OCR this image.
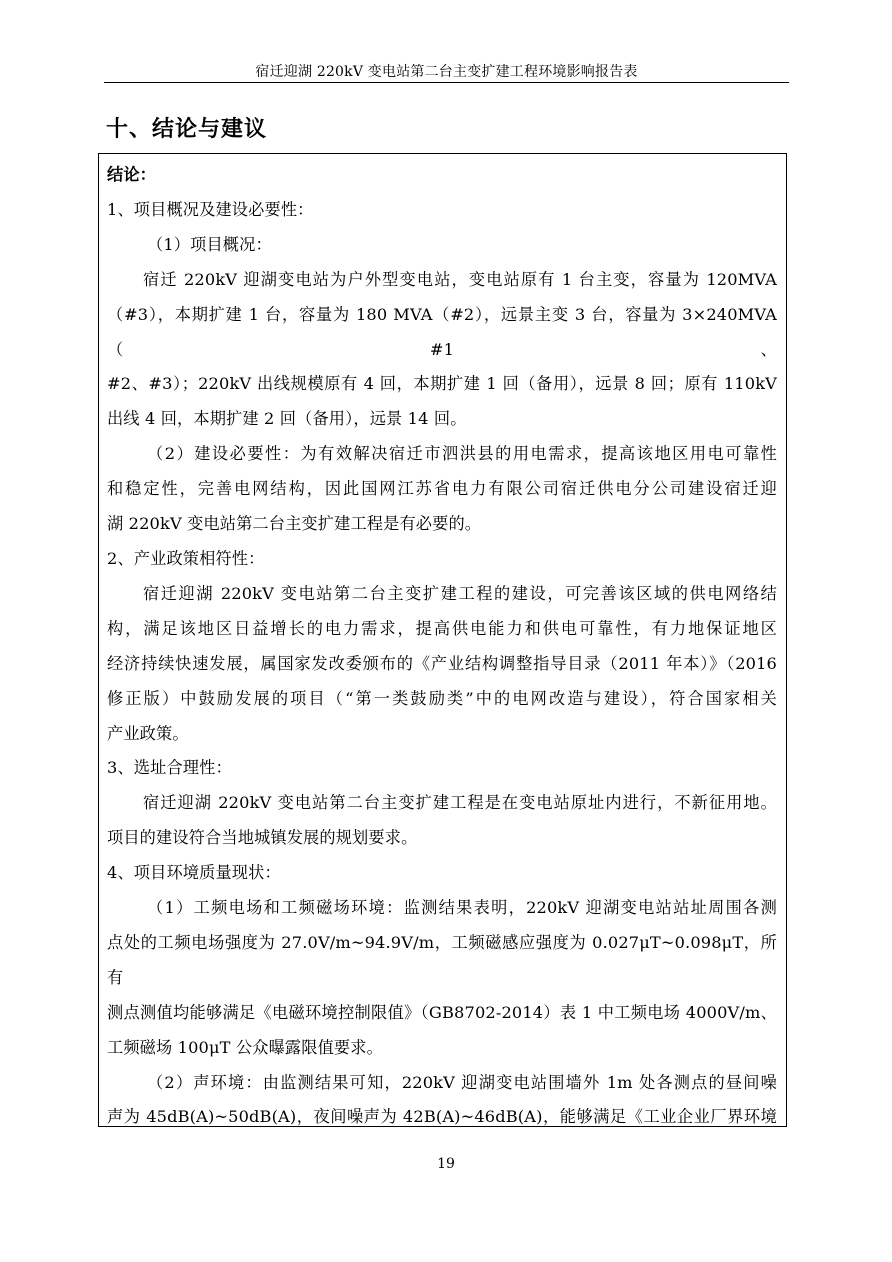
宿迁迎湖 220kV 变电站第二台主变扩建工程环境影响报告表
十、结论与建议
结论：
1、项目概况及建设必要性：
（1）项目概况：
宿迁 220kV 迎湖变电站为户外型变电站，变电站原有 1 台主变，容量为 120MVA
（#3），本期扩建 1 台，容量为 180 MVA（#2），远景主变 3 台，容量为 3×240MVA（#1、
#2、#3）；220kV 出线规模原有 4 回，本期扩建 1 回（备用），远景 8 回；原有 110kV
出线 4 回，本期扩建 2 回（备用），远景 14 回。
（2）建设必要性：为有效解决宿迁市泗洪县的用电需求，提高该地区用电可靠性
和稳定性，完善电网结构，因此国网江苏省电力有限公司宿迁供电分公司建设宿迁迎
湖 220kV 变电站第二台主变扩建工程是有必要的。
2、产业政策相符性：
宿迁迎湖 220kV 变电站第二台主变扩建工程的建设，可完善该区域的供电网络结
构，满足该地区日益增长的电力需求，提高供电能力和供电可靠性，有力地保证地区
经济持续快速发展，属国家发改委颁布的《产业结构调整指导目录（2011 年本）》（2016
修正版）中鼓励发展的项目（“第一类鼓励类”中的电网改造与建设），符合国家相关
产业政策。
3、选址合理性：
宿迁迎湖 220kV 变电站第二台主变扩建工程是在变电站原址内进行，不新征用地。
项目的建设符合当地城镇发展的规划要求。
4、项目环境质量现状：
（1）工频电场和工频磁场环境：监测结果表明，220kV 迎湖变电站站址周围各测
点处的工频电场强度为 27.0V/m~94.9V/m，工频磁感应强度为 0.027μT~0.098μT，所有
测点测值均能够满足《电磁环境控制限值》（GB8702-2014）表 1 中工频电场 4000V/m、
工频磁场 100μT 公众曝露限值要求。
（2）声环境：由监测结果可知，220kV 迎湖变电站围墙外 1m 处各测点的昼间噪
声为 45dB(A)~50dB(A)，夜间噪声为 42B(A)~46dB(A)，能够满足《工业企业厂界环境
19
